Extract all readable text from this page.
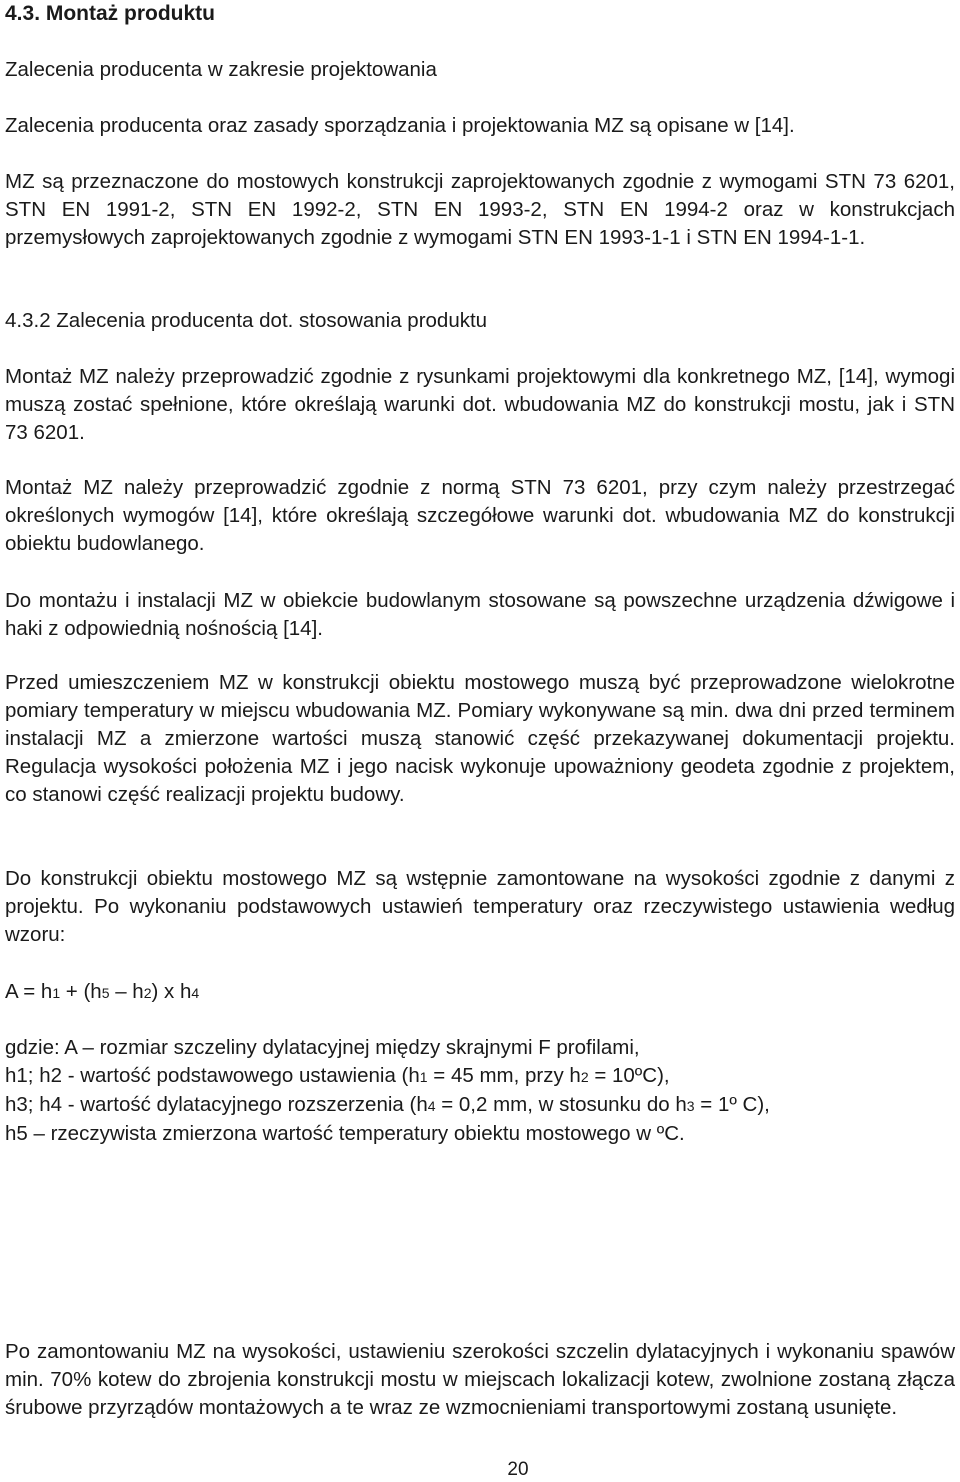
4.3. Montaż produktu
Zalecenia producenta w zakresie projektowania
Zalecenia producenta oraz zasady sporządzania i projektowania MZ są opisane w [14].
MZ są przeznaczone do mostowych konstrukcji zaprojektowanych zgodnie z wymogami STN 73 6201, STN EN 1991-2, STN EN 1992-2, STN EN 1993-2, STN EN 1994-2 oraz w konstrukcjach przemysłowych zaprojektowanych zgodnie z wymogami STN EN 1993-1-1 i STN EN 1994-1-1.
4.3.2 Zalecenia producenta dot. stosowania produktu
Montaż MZ należy przeprowadzić zgodnie z rysunkami projektowymi dla konkretnego MZ, [14], wymogi muszą zostać spełnione, które określają warunki dot. wbudowania MZ do konstrukcji mostu, jak i STN 73 6201.
Montaż MZ należy przeprowadzić zgodnie z normą STN 73 6201, przy czym należy przestrzegać określonych wymogów [14], które określają szczegółowe warunki dot. wbudowania MZ do konstrukcji obiektu budowlanego.
Do montażu i instalacji MZ w obiekcie budowlanym stosowane są powszechne urządzenia dźwigowe i haki z odpowiednią nośnością [14].
Przed umieszczeniem MZ w konstrukcji obiektu mostowego muszą być przeprowadzone wielokrotne pomiary temperatury w miejscu wbudowania MZ. Pomiary wykonywane są min. dwa dni przed terminem instalacji MZ a zmierzone wartości muszą stanowić część przekazywanej dokumentacji projektu. Regulacja wysokości położenia MZ i jego nacisk wykonuje upoważniony geodeta zgodnie z projektem, co stanowi część realizacji projektu budowy.
Do konstrukcji obiektu mostowego MZ są wstępnie zamontowane na wysokości zgodnie z danymi z projektu. Po wykonaniu podstawowych ustawień temperatury oraz rzeczywistego ustawienia według wzoru:
A = h1 + (h5 – h2) x h4
gdzie: A – rozmiar szczeliny dylatacyjnej między skrajnymi F profilami,
h1; h2 - wartość podstawowego ustawienia (h1 = 45 mm, przy h2 = 10ºC),
h3; h4 - wartość dylatacyjnego rozszerzenia (h4 = 0,2 mm, w stosunku do h3 = 1º C),
h5 – rzeczywista zmierzona wartość temperatury obiektu mostowego w ºC.
Po zamontowaniu MZ na wysokości, ustawieniu szerokości szczelin dylatacyjnych i wykonaniu spawów min. 70% kotew do zbrojenia konstrukcji mostu w miejscach lokalizacji kotew, zwolnione zostaną złącza śrubowe przyrządów montażowych a te wraz ze wzmocnieniami transportowymi zostaną usunięte.
20
